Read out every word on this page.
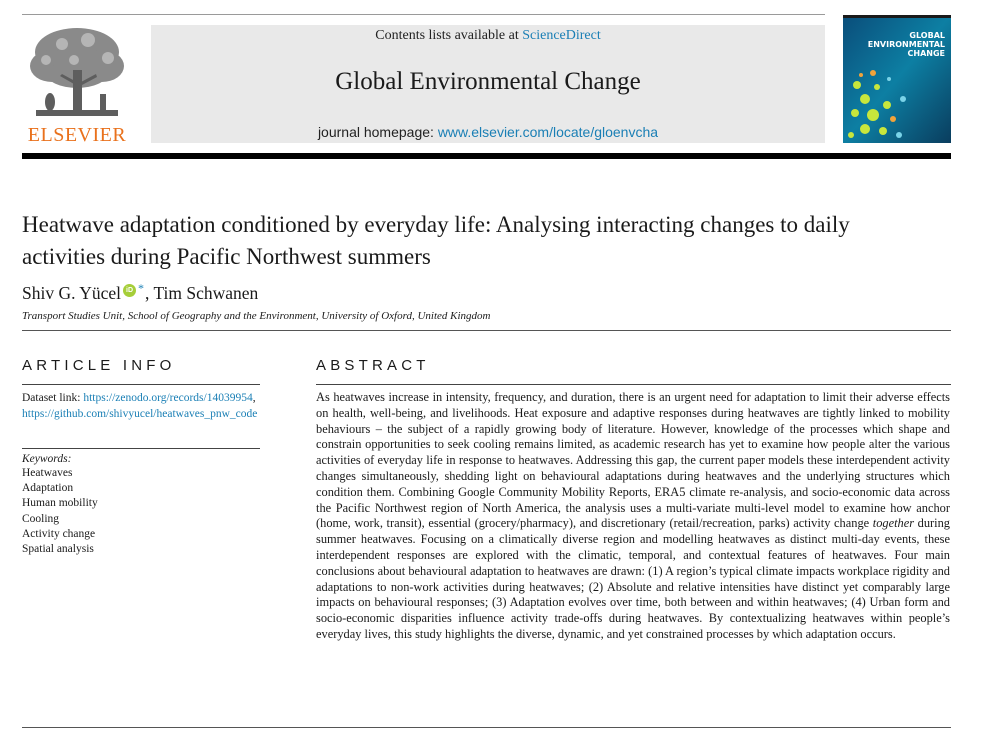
ELSEVIER
Contents lists available at ScienceDirect
Global Environmental Change
journal homepage: www.elsevier.com/locate/gloenvcha
GLOBAL
ENVIRONMENTAL
CHANGE
Heatwave adaptation conditioned by everyday life: Analysing interacting changes to daily activities during Pacific Northwest summers
Shiv G. Yücel iD *, Tim Schwanen
Transport Studies Unit, School of Geography and the Environment, University of Oxford, United Kingdom
ARTICLE INFO
Dataset link: https://zenodo.org/records/14039954, https://github.com/shivyucel/heatwaves_pnw_code
Keywords:
Heatwaves
Adaptation
Human mobility
Cooling
Activity change
Spatial analysis
ABSTRACT

As heatwaves increase in intensity, frequency, and duration, there is an urgent need for adaptation to limit their adverse effects on health, well-being, and livelihoods. Heat exposure and adaptive responses during heatwaves are tightly linked to mobility behaviours – the subject of a rapidly growing body of literature. However, knowledge of the processes which shape and constrain opportunities to seek cooling remains limited, as academic research has yet to examine how people alter the various activities of everyday life in response to heatwaves. Addressing this gap, the current paper models these interdependent activity changes simultaneously, shedding light on behavioural adaptations during heatwaves and the underlying structures which condition them. Combining Google Community Mobility Reports, ERA5 climate re-analysis, and socio-economic data across the Pacific Northwest region of North America, the analysis uses a multi-variate multi-level model to examine how anchor (home, work, transit), essential (grocery/pharmacy), and discretionary (retail/recreation, parks) activity change together during summer heatwaves. Focusing on a climatically diverse region and modelling heatwaves as distinct multi-day events, these interdependent responses are explored with the climatic, temporal, and contextual features of heatwaves. Four main conclusions about behavioural adaptation to heatwaves are drawn: (1) A region’s typical climate impacts workplace rigidity and adaptations to non-work activities during heatwaves; (2) Absolute and relative intensities have distinct yet comparably large impacts on behavioural responses; (3) Adaptation evolves over time, both between and within heatwaves; (4) Urban form and socio-economic disparities influence activity trade-offs during heatwaves. By contextualizing heatwaves within people’s everyday lives, this study highlights the diverse, dynamic, and yet constrained processes by which adaptation occurs.
